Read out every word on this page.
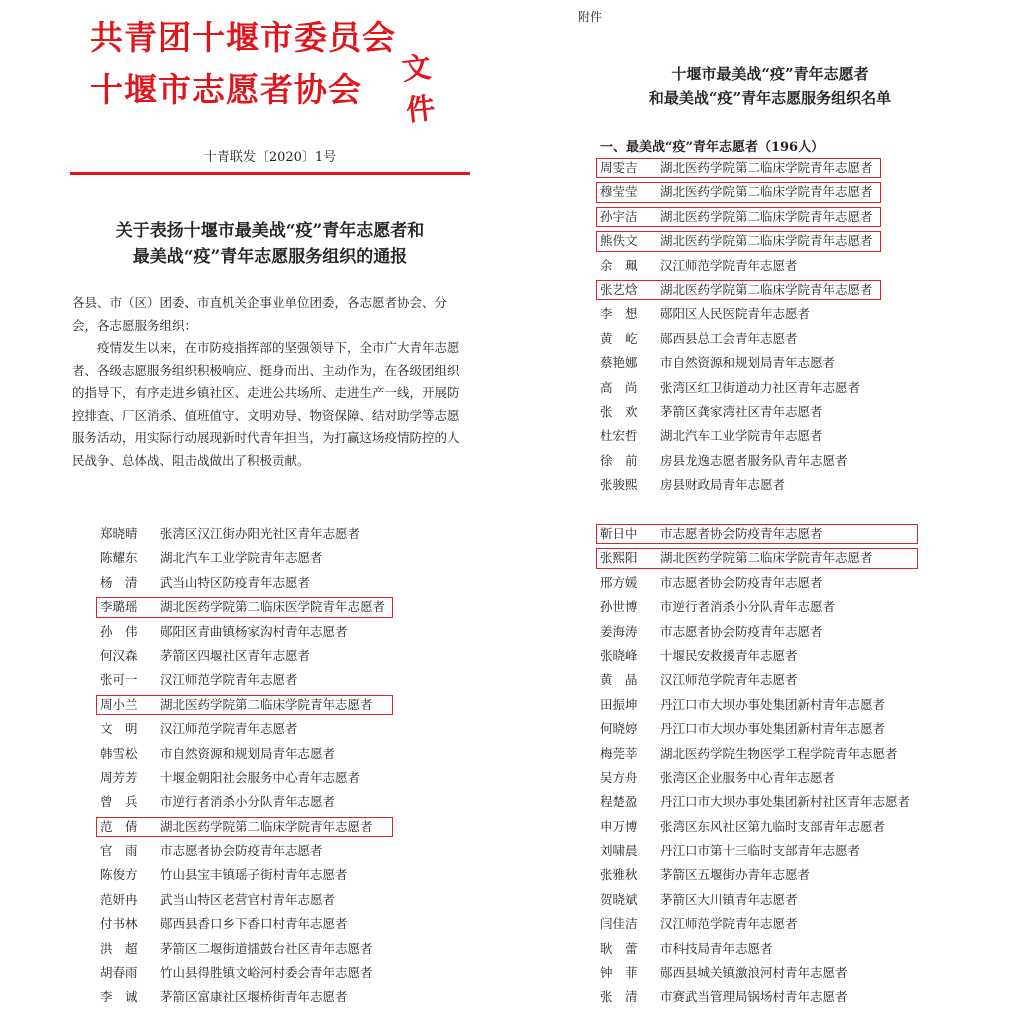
共青团十堰市委员会
十堰市志愿者协会
文件
十青联发〔2020〕1号
关于表扬十堰市最美战“疫”青年志愿者和
最美战“疫”青年志愿服务组织的通报

各县、市（区）团委、市直机关企事业单位团委，各志愿者协会、分会，各志愿服务组织：

疫情发生以来，在市防疫指挥部的坚强领导下，全市广大青年志愿者、各级志愿服务组织积极响应、挺身而出、主动作为，在各级团组织的指导下，有序走进乡镇社区、走进公共场所、走进生产一线，开展防控排查、厂区消杀、值班值守、文明劝导、物资保障、结对助学等志愿服务活动，用实际行动展现新时代青年担当，为打赢这场疫情防控的人民战争、总体战、阻击战做出了积极贡献。

郑晓晴 张湾区汉江街办阳光社区青年志愿者
陈耀东 湖北汽车工业学院青年志愿者
杨　清 武当山特区防疫青年志愿者
李璐瑶 湖北医药学院第二临床医学院青年志愿者
孙　伟 郧阳区青曲镇杨家沟村青年志愿者
何汉森 茅箭区四堰社区青年志愿者
张可一 汉江师范学院青年志愿者
周小兰 湖北医药学院第二临床学院青年志愿者
文　明 汉江师范学院青年志愿者
韩雪松 市自然资源和规划局青年志愿者
周芳芳 十堰金朝阳社会服务中心青年志愿者
曾　兵 市逆行者消杀小分队青年志愿者
范　倩 湖北医药学院第二临床学院青年志愿者
官　雨 市志愿者协会防疫青年志愿者
陈俊方 竹山县宝丰镇瑶子街村青年志愿者
范妍冉 武当山特区老营官村青年志愿者
付书林 郧西县香口乡下香口村青年志愿者
洪　超 茅箭区二堰街道擂鼓台社区青年志愿者
胡春雨 竹山县得胜镇文峪河村委会青年志愿者
李　诚 茅箭区富康社区堰桥街青年志愿者
附件
十堰市最美战“疫”青年志愿者
和最美战“疫”青年志愿服务组织名单
一、最美战“疫”青年志愿者（196人）
周雯吉 湖北医药学院第二临床学院青年志愿者
穆莹莹 湖北医药学院第二临床学院青年志愿者
孙宇洁 湖北医药学院第二临床学院青年志愿者
熊佚文 湖北医药学院第二临床学院青年志愿者
余　珮 汉江师范学院青年志愿者
张艺焓 湖北医药学院第二临床学院青年志愿者
李　想 郧阳区人民医院青年志愿者
黄　屹 郧西县总工会青年志愿者
蔡艳娜 市自然资源和规划局青年志愿者
高　尚 张湾区红卫街道动力社区青年志愿者
张　欢 茅箭区龚家湾社区青年志愿者
杜宏哲 湖北汽车工业学院青年志愿者
徐　前 房县龙逸志愿者服务队青年志愿者
张骏熙 房县财政局青年志愿者
靳日中 市志愿者协会防疫青年志愿者
张熙阳 湖北医药学院第二临床学院青年志愿者
邢方媛 市志愿者协会防疫青年志愿者
孙世博 市逆行者消杀小分队青年志愿者
姜海涛 市志愿者协会防疫青年志愿者
张晓峰 十堰民安救援青年志愿者
黄　晶 汉江师范学院青年志愿者
田振坤 丹江口市大坝办事处集团新村青年志愿者
何晓婷 丹江口市大坝办事处集团新村青年志愿者
梅莞莘 湖北医药学院生物医学工程学院青年志愿者
吴方舟 张湾区企业服务中心青年志愿者
程楚盈 丹江口市大坝办事处集团新村社区青年志愿者
申万博 张湾区东风社区第九临时支部青年志愿者
刘啸晨 丹江口市第十三临时支部青年志愿者
张雅秋 茅箭区五堰街办青年志愿者
贺晓斌 茅箭区大川镇青年志愿者
闫佳洁 汉江师范学院青年志愿者
耿　蕾 市科技局青年志愿者
钟　菲 郧西县城关镇激浪河村青年志愿者
张　清 市赛武当管理局锅场村青年志愿者
